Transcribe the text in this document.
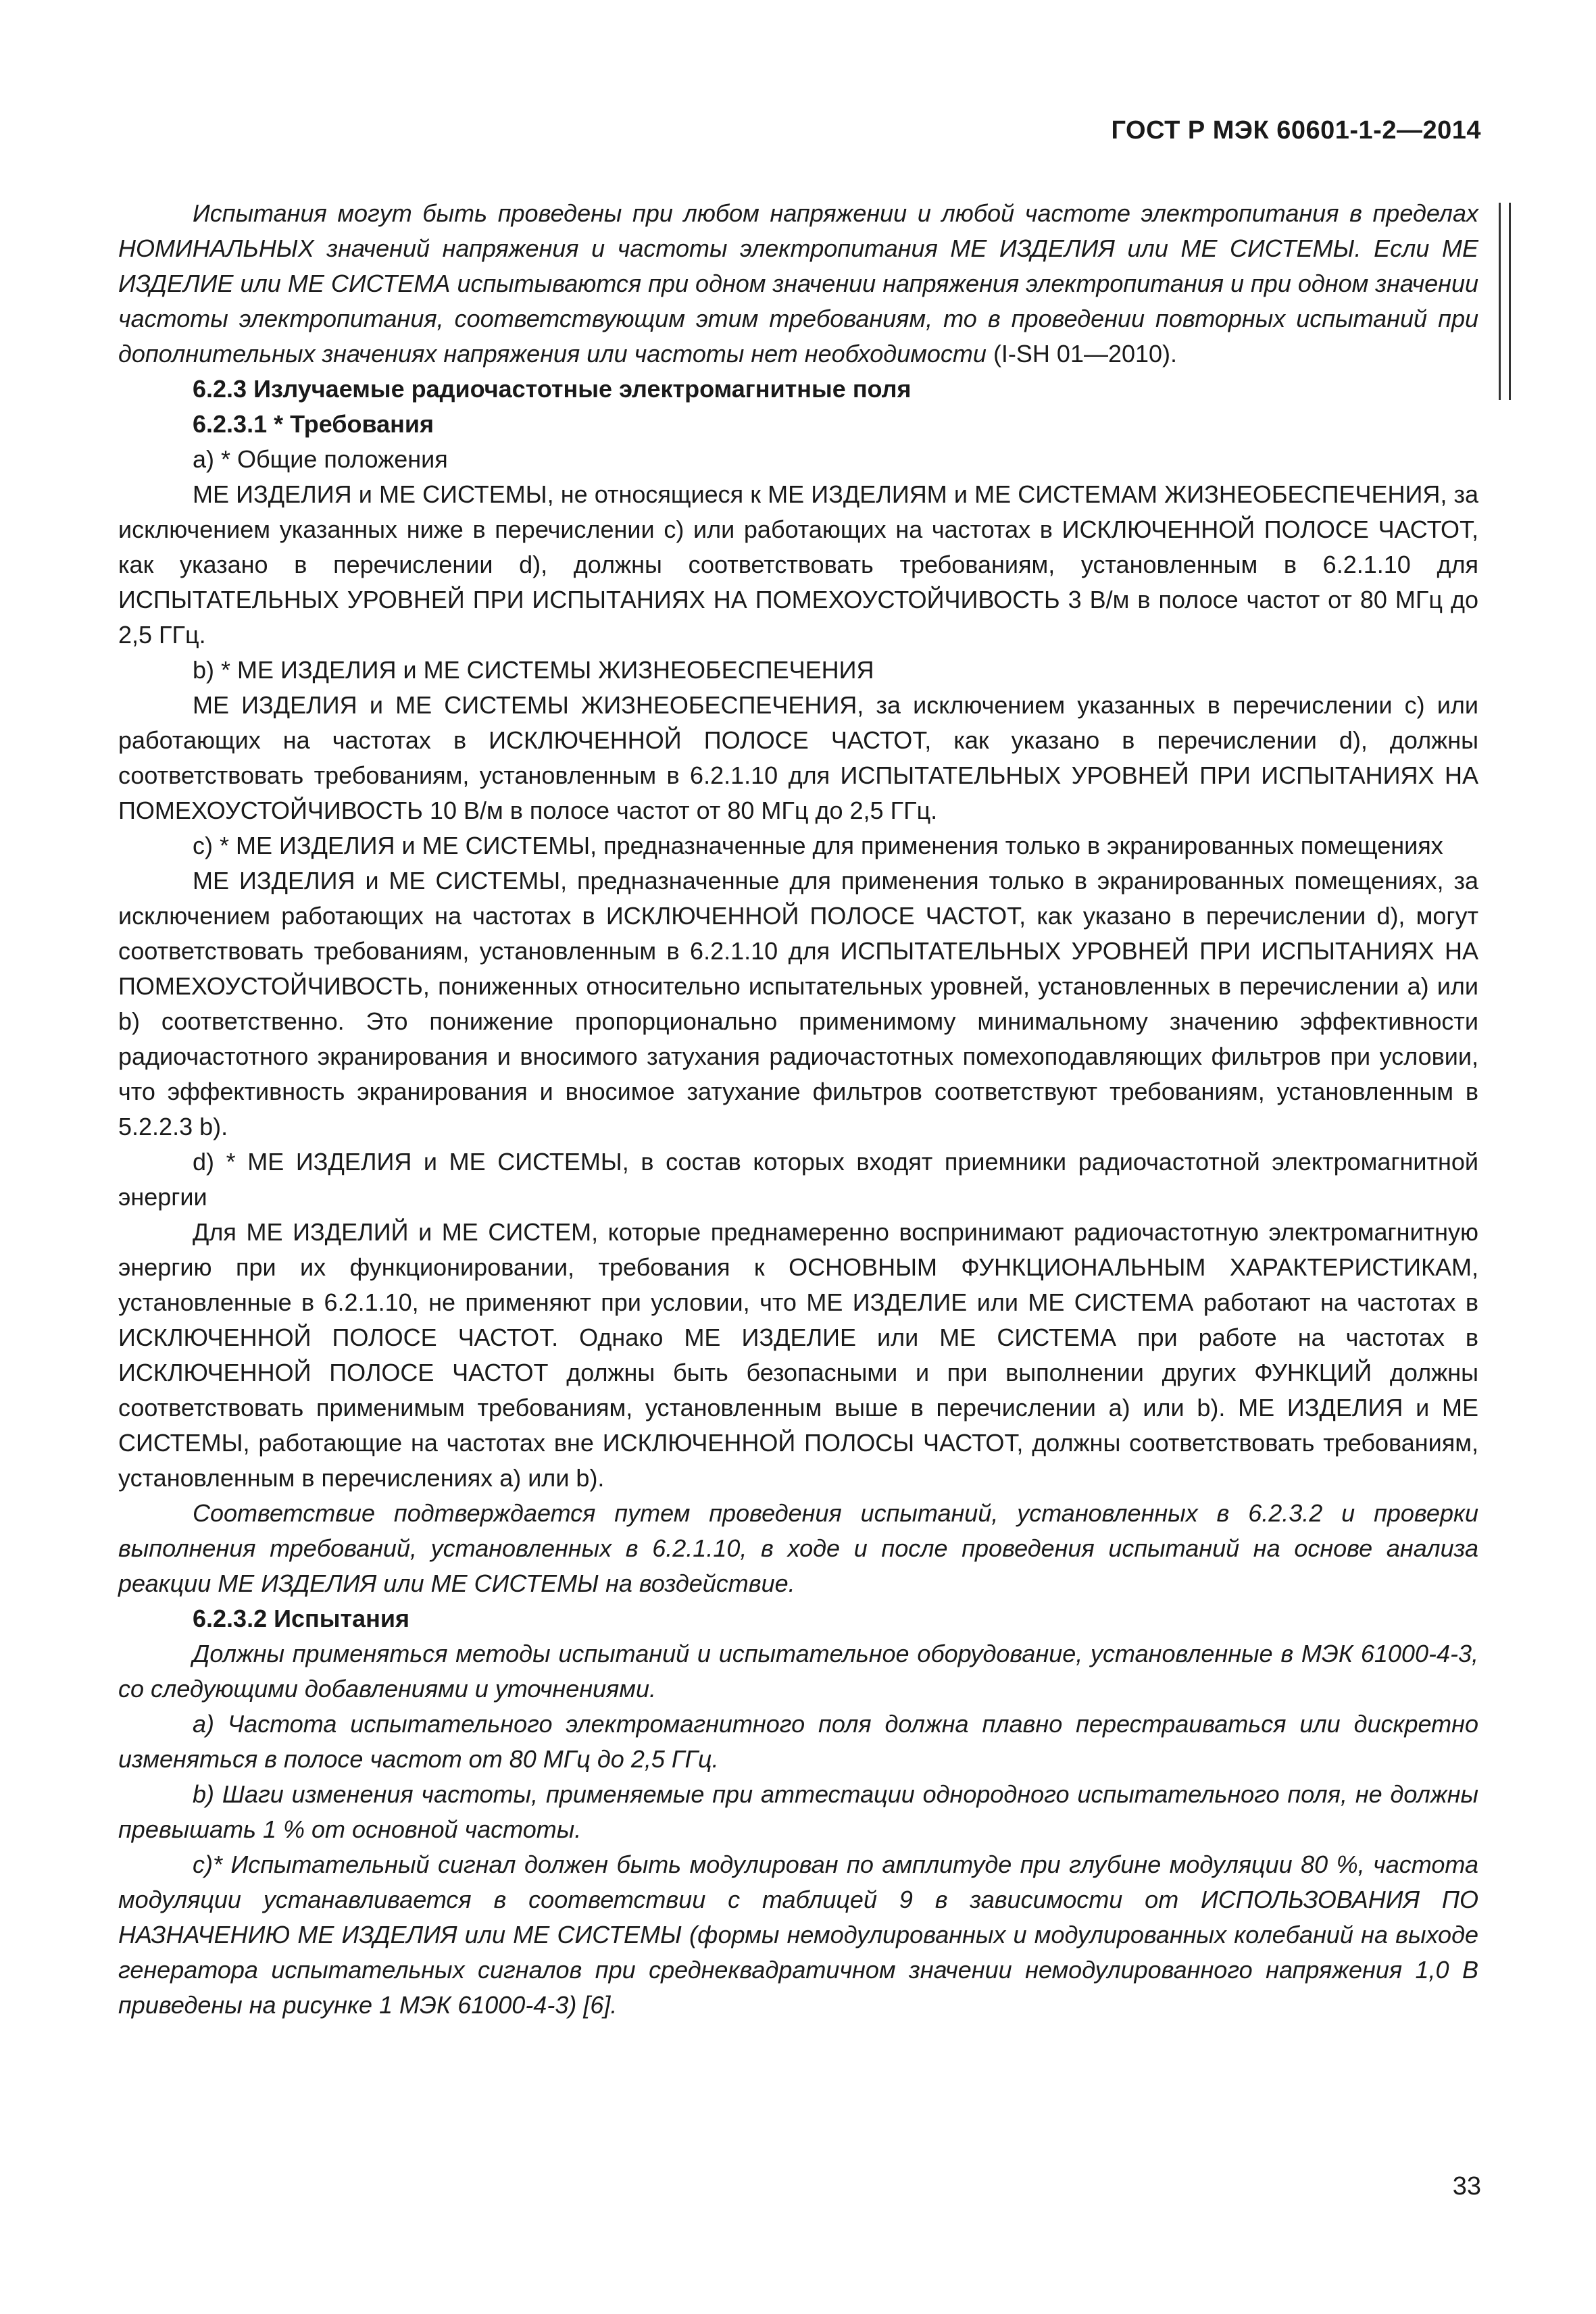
ГОСТ Р МЭК 60601-1-2—2014

Испытания могут быть проведены при любом напряжении и любой частоте электропитания в пределах НОМИНАЛЬНЫХ значений напряжения и частоты электропитания МЕ ИЗДЕЛИЯ или МЕ СИСТЕМЫ. Если МЕ ИЗДЕЛИЕ или МЕ СИСТЕМА испытываются при одном значении напряжения электропитания и при одном значении частоты электропитания, соответствующим этим требованиям, то в проведении повторных испытаний при дополнительных значениях напряжения или частоты нет необходимости (I-SH 01—2010).

6.2.3 Излучаемые радиочастотные электромагнитные поля

6.2.3.1 * Требования

а) * Общие положения

МЕ ИЗДЕЛИЯ и МЕ СИСТЕМЫ, не относящиеся к МЕ ИЗДЕЛИЯМ и МЕ СИСТЕМАМ ЖИЗНЕОБЕСПЕЧЕНИЯ, за исключением указанных ниже в перечислении с) или работающих на частотах в ИСКЛЮЧЕННОЙ ПОЛОСЕ ЧАСТОТ, как указано в перечислении d), должны соответствовать требованиям, установленным в 6.2.1.10 для ИСПЫТАТЕЛЬНЫХ УРОВНЕЙ ПРИ ИСПЫТАНИЯХ НА ПОМЕХОУСТОЙЧИВОСТЬ 3 В/м в полосе частот от 80 МГц до 2,5 ГГц.

b) * МЕ ИЗДЕЛИЯ и МЕ СИСТЕМЫ ЖИЗНЕОБЕСПЕЧЕНИЯ

МЕ ИЗДЕЛИЯ и МЕ СИСТЕМЫ ЖИЗНЕОБЕСПЕЧЕНИЯ, за исключением указанных в перечислении с) или работающих на частотах в ИСКЛЮЧЕННОЙ ПОЛОСЕ ЧАСТОТ, как указано в перечислении d), должны соответствовать требованиям, установленным в 6.2.1.10 для ИСПЫТАТЕЛЬНЫХ УРОВНЕЙ ПРИ ИСПЫТАНИЯХ НА ПОМЕХОУСТОЙЧИВОСТЬ 10 В/м в полосе частот от 80 МГц до 2,5 ГГц.

с) * МЕ ИЗДЕЛИЯ и МЕ СИСТЕМЫ, предназначенные для применения только в экранированных помещениях

МЕ ИЗДЕЛИЯ и МЕ СИСТЕМЫ, предназначенные для применения только в экранированных помещениях, за исключением работающих на частотах в ИСКЛЮЧЕННОЙ ПОЛОСЕ ЧАСТОТ, как указано в перечислении d), могут соответствовать требованиям, установленным в 6.2.1.10 для ИСПЫТАТЕЛЬНЫХ УРОВНЕЙ ПРИ ИСПЫТАНИЯХ НА ПОМЕХОУСТОЙЧИВОСТЬ, пониженных относительно испытательных уровней, установленных в перечислении а) или b) соответственно. Это понижение пропорционально применимому минимальному значению эффективности радиочастотного экранирования и вносимого затухания радиочастотных помехоподавляющих фильтров при условии, что эффективность экранирования и вносимое затухание фильтров соответствуют требованиям, установленным в 5.2.2.3 b).

d) * МЕ ИЗДЕЛИЯ и МЕ СИСТЕМЫ, в состав которых входят приемники радиочастотной электромагнитной энергии

Для МЕ ИЗДЕЛИЙ и МЕ СИСТЕМ, которые преднамеренно воспринимают радиочастотную электромагнитную энергию при их функционировании, требования к ОСНОВНЫМ ФУНКЦИОНАЛЬНЫМ ХАРАКТЕРИСТИКАМ, установленные в 6.2.1.10, не применяют при условии, что МЕ ИЗДЕЛИЕ или МЕ СИСТЕМА работают на частотах в ИСКЛЮЧЕННОЙ ПОЛОСЕ ЧАСТОТ. Однако МЕ ИЗДЕЛИЕ или МЕ СИСТЕМА при работе на частотах в ИСКЛЮЧЕННОЙ ПОЛОСЕ ЧАСТОТ должны быть безопасными и при выполнении других ФУНКЦИЙ должны соответствовать применимым требованиям, установленным выше в перечислении а) или b). МЕ ИЗДЕЛИЯ и МЕ СИСТЕМЫ, работающие на частотах вне ИСКЛЮЧЕННОЙ ПОЛОСЫ ЧАСТОТ, должны соответствовать требованиям, установленным в перечислениях а) или b).

Соответствие подтверждается путем проведения испытаний, установленных в 6.2.3.2 и проверки выполнения требований, установленных в 6.2.1.10, в ходе и после проведения испытаний на основе анализа реакции МЕ ИЗДЕЛИЯ или МЕ СИСТЕМЫ на воздействие.

6.2.3.2 Испытания

Должны применяться методы испытаний и испытательное оборудование, установленные в МЭК 61000-4-3, со следующими добавлениями и уточнениями.

а) Частота испытательного электромагнитного поля должна плавно перестраиваться или дискретно изменяться в полосе частот от 80 МГц до 2,5 ГГц.

b) Шаги изменения частоты, применяемые при аттестации однородного испытательного поля, не должны превышать 1 % от основной частоты.

с)* Испытательный сигнал должен быть модулирован по амплитуде при глубине модуляции 80 %, частота модуляции устанавливается в соответствии с таблицей 9 в зависимости от ИСПОЛЬЗОВАНИЯ ПО НАЗНАЧЕНИЮ МЕ ИЗДЕЛИЯ или МЕ СИСТЕМЫ (формы немодулированных и модулированных колебаний на выходе генератора испытательных сигналов при среднеквадратичном значении немодулированного напряжения 1,0 В приведены на рисунке 1 МЭК 61000-4-3) [6].

33
